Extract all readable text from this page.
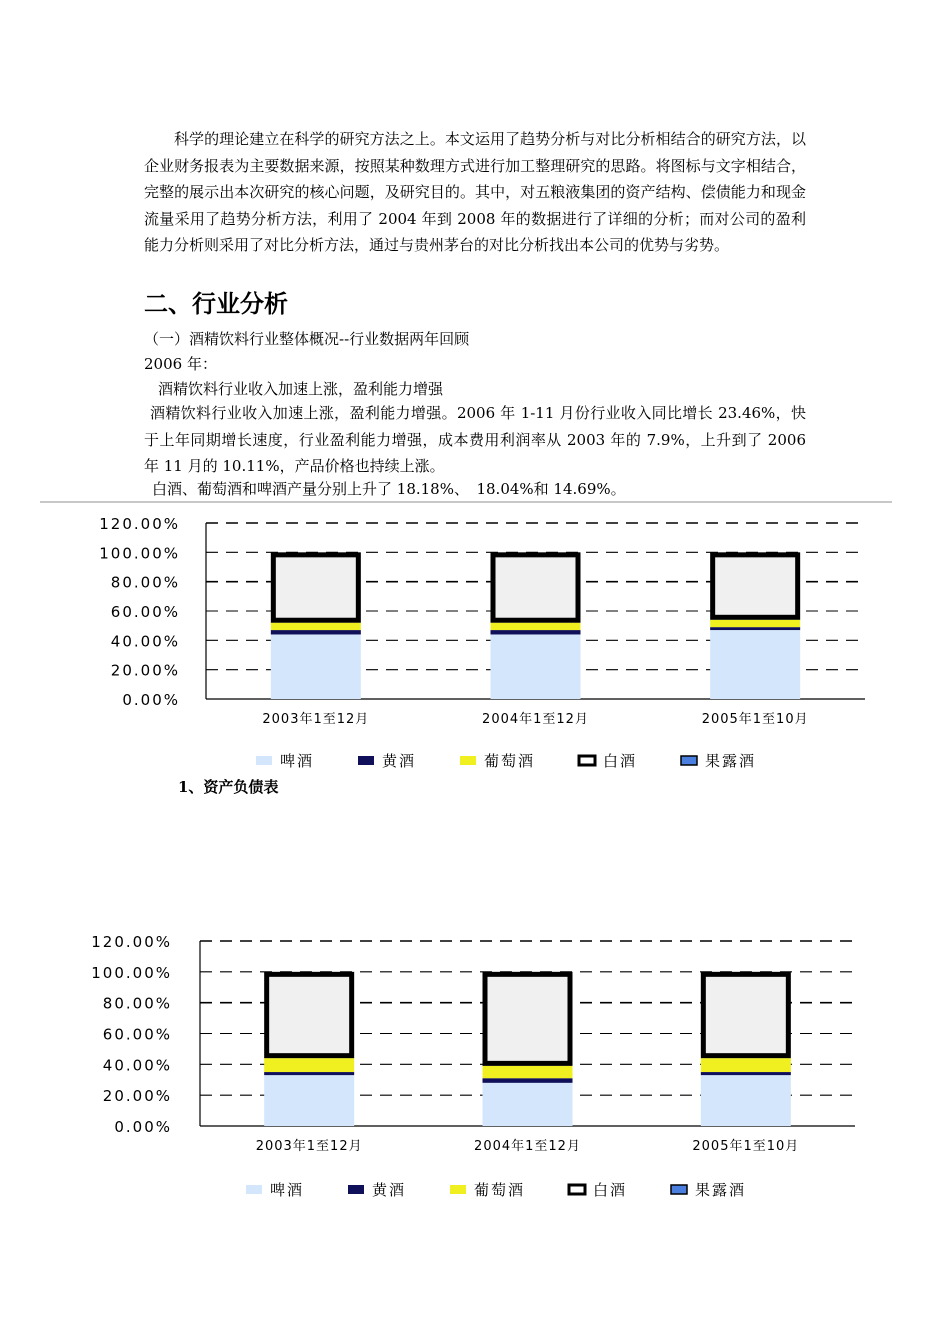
科学的理论建立在科学的研究方法之上。本文运用了趋势分析与对比分析相结合的研究方法，以企业财务报表为主要数据来源，按照某种数理方式进行加工整理研究的思路。将图标与文字相结合，完整的展示出本次研究的核心问题，及研究目的。其中，对五粮液集团的资产结构、偿债能力和现金流量采用了趋势分析方法，利用了 2004 年到 2008 年的数据进行了详细的分析；而对公司的盈利能力分析则采用了对比分析方法，通过与贵州茅台的对比分析找出本公司的优势与劣势。

二、行业分析
（一）酒精饮料行业整体概况--行业数据两年回顾
2006 年：
酒精饮料行业收入加速上涨，盈利能力增强

酒精饮料行业收入加速上涨，盈利能力增强。2006 年 1-11 月份行业收入同比增长 23.46%，快于上年同期增长速度，行业盈利能力增强，成本费用利润率从 2003 年的 7.9%，上升到了 2006 年 11 月的 10.11%，产品价格也持续上涨。

白酒、葡萄酒和啤酒产量分别上升了 18.18%、　18.04%和 14.69%。
0.00%
20.00%
40.00%
60.00%
80.00%
100.00%
120.00%
2003年1至12月	2004年1至12月	2005年1至10月
啤酒	黄酒	葡萄酒	白酒	果露酒
1、资产负债表
0.00%
20.00%
40.00%
60.00%
80.00%
100.00%
120.00%
2003年1至12月	2004年1至12月	2005年1至10月
啤酒	黄酒	葡萄酒	白酒	果露酒
